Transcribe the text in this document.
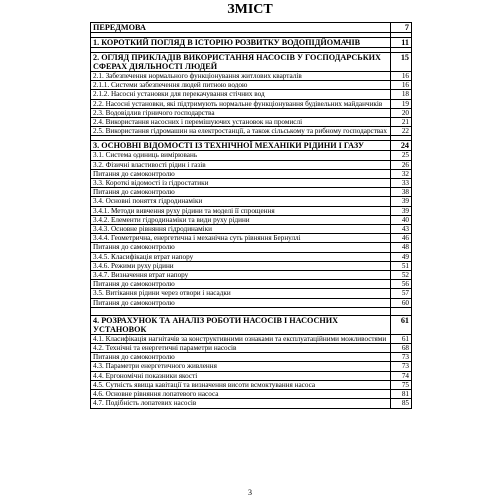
ЗМІСТ
ПЕРЕДМОВА	7

1. КОРОТКИЙ ПОГЛЯД В ІСТОРІЮ РОЗВИТКУ ВОДОПІДЙОМАЧІВ	11

2. ОГЛЯД ПРИКЛАДІВ ВИКОРИСТАННЯ НАСОСІВ У ГОСПОДАРСЬКИХ СФЕРАХ ДІЯЛЬНОСТІ ЛЮДЕЙ	15
2.1. Забезпечення нормального функціонування житлових кварталів	16
2.1.1. Системи забезпечення людей питною водою	16
2.1.2. Насосні установки для перекачування стічних вод	18
2.2. Насосні установки, які підтримують нормальне функціонування будівельних майданчиків	19
2.3. Водовідлив гірничого господарства	20
2.4. Використання насосних і перемішуючих установок на промислі	21
2.5. Використання гідромашин на електростанції, а також сільському та рибному господарствах	22

3. ОСНОВНІ ВІДОМОСТІ ІЗ ТЕХНІЧНОЇ МЕХАНІКИ РІДИНИ І ГАЗУ	24
3.1. Система одиниць вимірювань	25
3.2. Фізичні властивості рідин і газів	26
Питання до самоконтролю	32
3.3. Короткі відомості із гідростатики	33
Питання до самоконтролю	38
3.4. Основні поняття гідродинаміки	39
3.4.1. Методи вивчення руху рідини та моделі її спрощення	39
3.4.2. Елементи гідродинаміки та види руху рідини	40
3.4.3. Основне рівняння гідродинаміки	43
3.4.4. Геометрична, енергетична і механічна суть рівняння Бернуллі	46
Питання до самоконтролю	48
3.4.5. Класифікація втрат напору	49
3.4.6. Режими руху рідини	51
3.4.7. Визначення втрат напору	52
Питання до самоконтролю	56
3.5. Витікання рідини через отвори і насадки	57
Питання до самоконтролю	60

4. РОЗРАХУНОК ТА АНАЛІЗ РОБОТИ НАСОСІВ І НАСОСНИХ УСТАНОВОК	61
4.1. Класифікація нагнітачів за конструктивними ознаками та експлуатаційними можливостями	61
4.2. Технічні та енергетичні параметри насосів	68
Питання до самоконтролю	73
4.3. Параметри енергетичного живлення	73
4.4. Ергономічні показники якості	74
4.5. Сутність явища кавітації та визначення висоти всмоктування насоса	75
4.6. Основне рівняння лопатевого насоса	81
4.7. Подібність лопатевих насосів	85
3
